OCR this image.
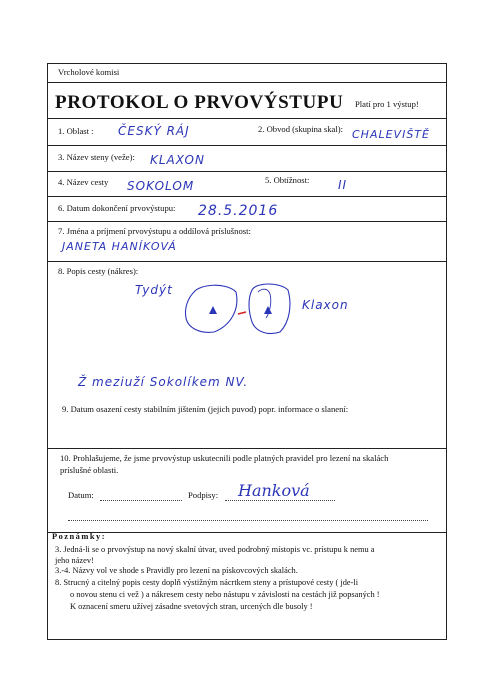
Vrcholové komisi
PROTOKOL O PRVOVÝSTUPU Platí pro 1 výstup!
1. Oblast : ČESKÝ RÁJ	2. Obvod (skupina skal): CHALEVIŠTĚ
3. Název steny (veže): KLAXON
4. Název cesty SOKOLOM	5. Obtížnost: II
6. Datum dokončení prvovýstupu: 28.5.2016
7. Jména a príjmení prvovýstupu a oddílová príslušnost:
JANETA HANÍKOVÁ
8. Popis cesty (nákres):
Tydýt
Klaxon
Ž meziuží Sokolíkem NV.
9. Datum osazení cesty stabilním jištením (jejich puvod) popr. informace o slanení:
10. Prohlašujeme, že jsme prvovýstup uskutecnili podle platných pravidel pro lezení na skalách
príslušné oblasti.
Datum:	Podpisy: Hanková
Poznámky:
3. Jedná-li se o prvovýstup na nový skalní útvar, uved podrobný místopis vc. prístupu k nemu a
jeho název!
3.-4. Názvy vol ve shode s Pravidly pro lezení na pískovcových skalách.
8. Strucný a citelný popis cesty doplň výstižným nácrtkem steny a prístupové cesty ( jde-li
o novou stenu ci vež ) a nákresem cesty nebo nástupu v závislosti na cestách již popsaných !
K oznacení smeru užívej zásadne svetových stran, urcených dle busoly !
